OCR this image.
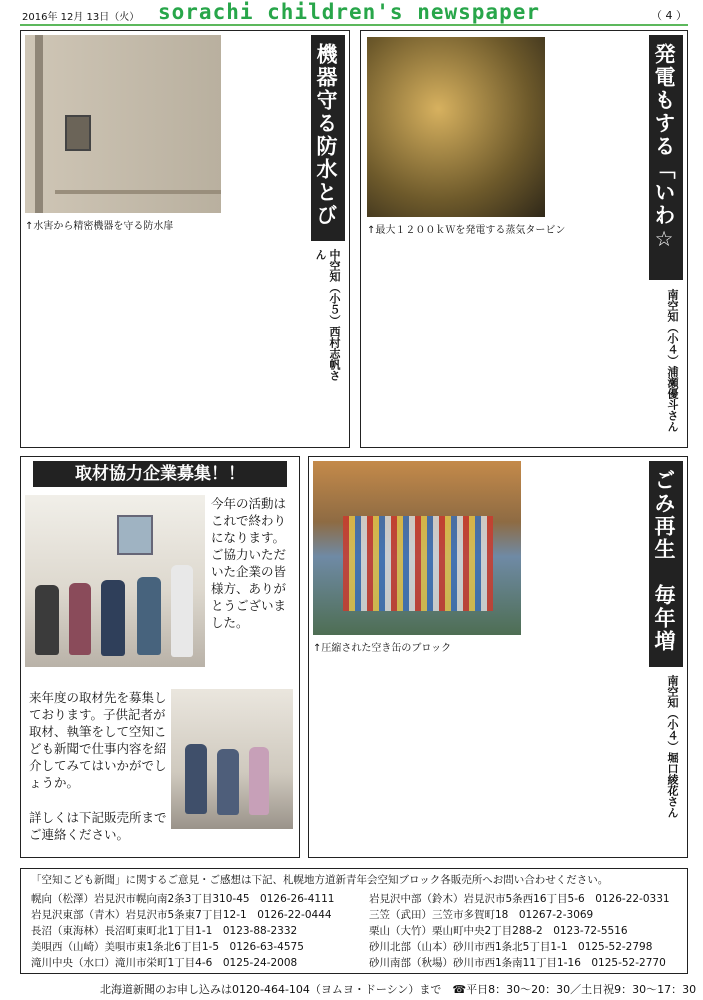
2016年 12月 13日（火） sorachi children's newspaper	（ 4 ）
発電もする「いわ☆ぴか」
南空知（小４）浦瀬優斗さん
↑最大１２００ｋＷを発電する蒸気タービン

機器守る防水とびら
中空知（小５）西村志帆さん
↑水害から精密機器を守る防水扉

ごみ再生　毎年増え…
南空知（小４）堀口綾花さん
↑圧縮された空き缶のブロック

取材協力企業募集！！
今年の活動はこれで終わりになります。ご協力いただいた企業の皆様方、ありがとうございました。
来年度の取材先を募集しております。子供記者が取材、執筆をして空知こども新聞で仕事内容を紹介してみてはいかがでしょうか。
詳しくは下記販売所までご連絡ください。
「空知こども新聞」に関するご意見・ご感想は下記、札幌地方道新青年会空知ブロック各販売所へお問い合わせください。
幌向（松澤）岩見沢市幌向南2条3丁目310-45　0126-26-4111
岩見沢東部（青木）岩見沢市5条東7丁目12-1　0126-22-0444
長沼（東海林）長沼町東町北1丁目1-1　0123-88-2332
美唄西（山崎）美唄市東1条北6丁目1-5　0126-63-4575
滝川中央（水口）滝川市栄町1丁目4-6　0125-24-2008
岩見沢中部（鈴木）岩見沢市5条西16丁目5-6　0126-22-0331
三笠（武田）三笠市多賀町18　01267-2-3069
栗山（大竹）栗山町中央2丁目288-2　0123-72-5516
砂川北部（山本）砂川市西1条北5丁目1-1　0125-52-2798
砂川南部（秋場）砂川市西1条南11丁目1-16　0125-52-2770
北海道新聞のお申し込みは0120-464-104（ヨムヨ・ドーシン）まで　☎平日8：30〜20：30／土日祝9：30〜17：30
